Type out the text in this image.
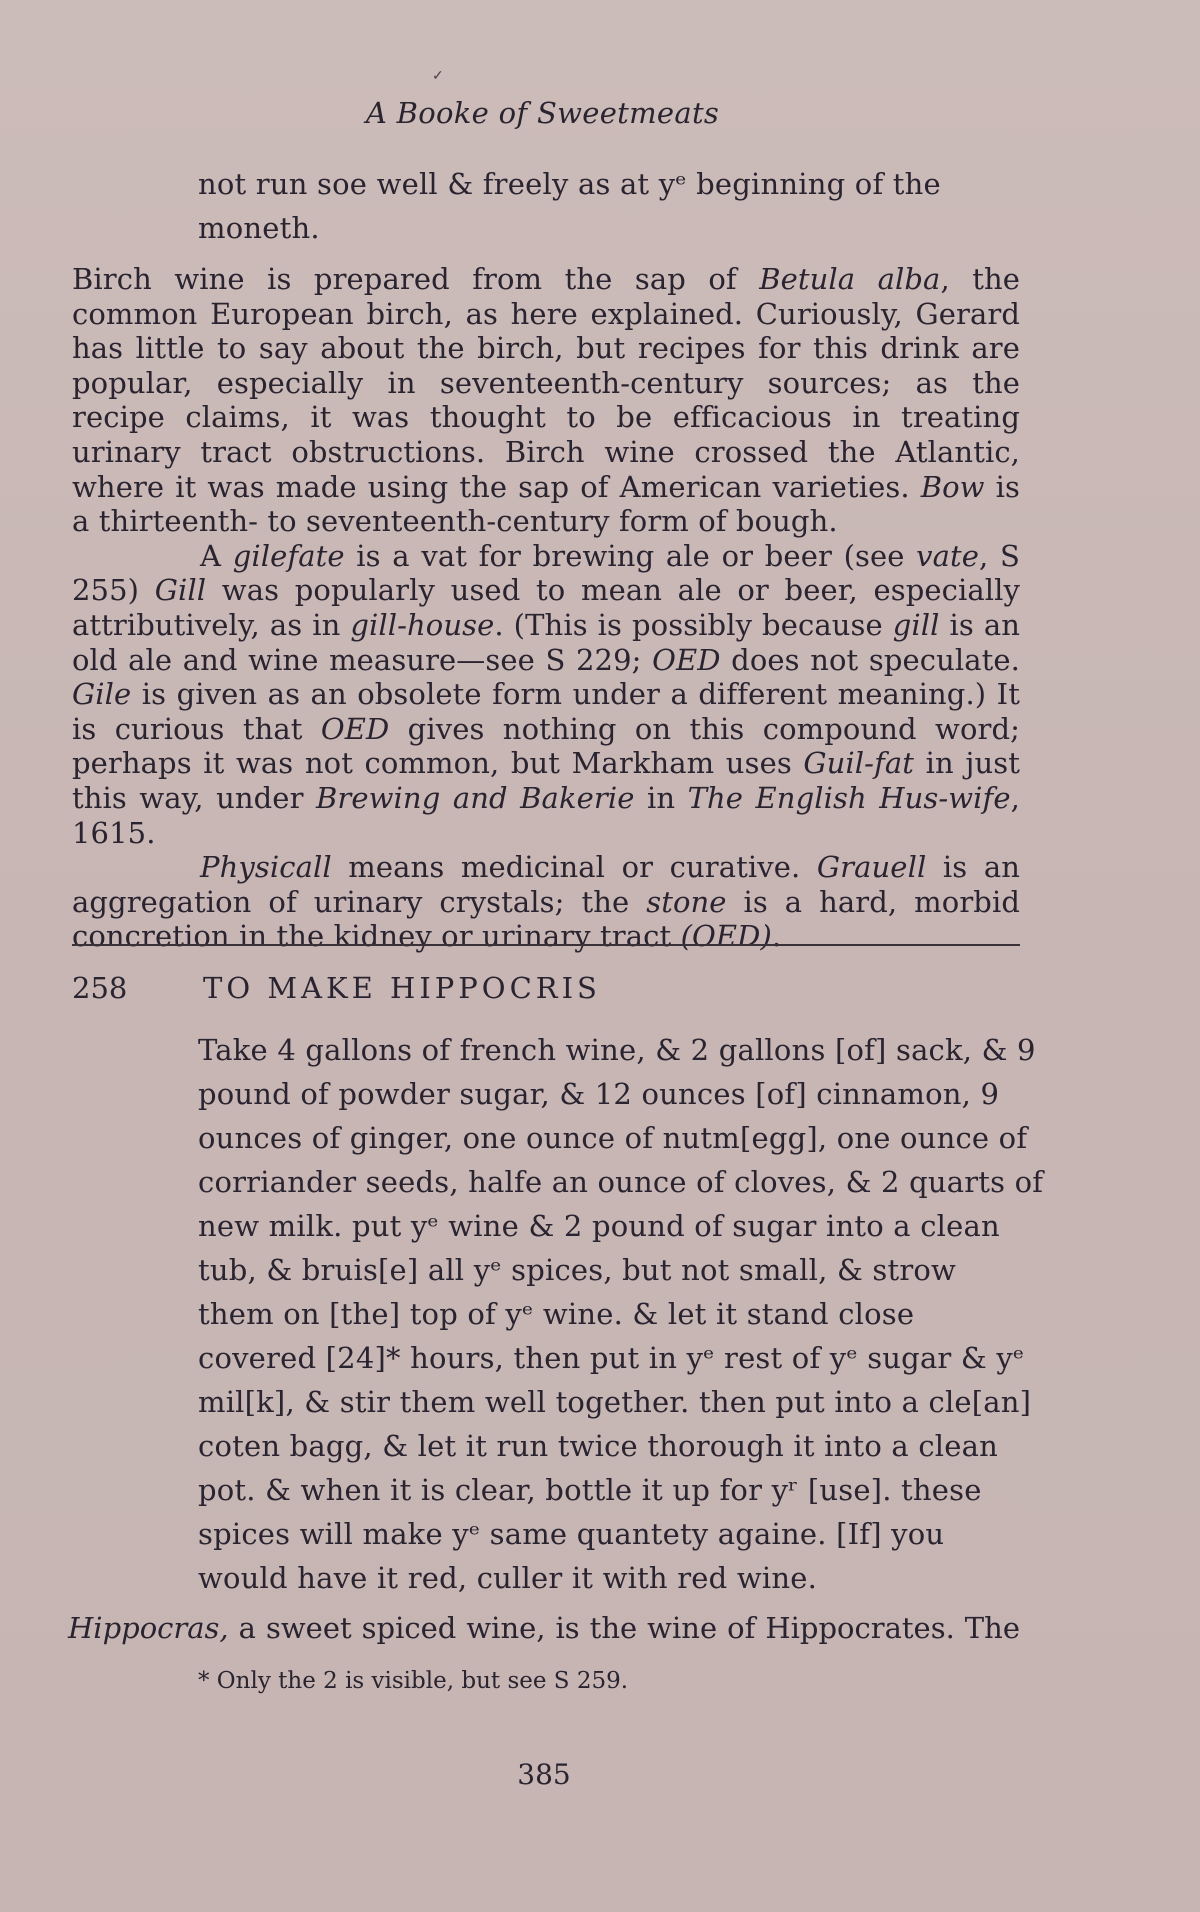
✓
A Booke of Sweetmeats
not run soe well & freely as at yᵉ beginning of the
moneth.

Birch wine is prepared from the sap of Betula alba, the common European birch, as here explained. Curiously, Gerard has little to say about the birch, but recipes for this drink are popular, especially in seventeenth-century sources; as the recipe claims, it was thought to be efficacious in treating urinary tract obstructions. Birch wine crossed the Atlantic, where it was made using the sap of American varieties. Bow is a thirteenth- to seventeenth-century form of bough.

A gilefate is a vat for brewing ale or beer (see vate, S 255) Gill was popularly used to mean ale or beer, especially attributively, as in gill-house. (This is possibly because gill is an old ale and wine measure—see S 229; OED does not speculate. Gile is given as an obsolete form under a different meaning.) It is curious that OED gives nothing on this compound word; perhaps it was not common, but Markham uses Guil-fat in just this way, under Brewing and Bakerie in The English Hus-wife, 1615.

Physicall means medicinal or curative. Grauell is an aggregation of urinary crystals; the stone is a hard, morbid concretion in the kidney or urinary tract (OED).

258	TO MAKE HIPPOCRIS
Take 4 gallons of french wine, & 2 gallons [of] sack, & 9
pound of powder sugar, & 12 ounces [of] cinnamon, 9
ounces of ginger, one ounce of nutm[egg], one ounce of
corriander seeds, halfe an ounce of cloves, & 2 quarts of
new milk. put yᵉ wine & 2 pound of sugar into a clean
tub, & bruis[e] all yᵉ spices, but not small, & strow
them on [the] top of yᵉ wine. & let it stand close
covered [24]* hours, then put in yᵉ rest of yᵉ sugar & yᵉ
mil[k], & stir them well together. then put into a cle[an]
coten bagg, & let it run twice thorough it into a clean
pot. & when it is clear, bottle it up for yʳ [use]. these
spices will make yᵉ same quantety againe. [If] you
would have it red, culler it with red wine.
Hippocras, a sweet spiced wine, is the wine of Hippocrates. The
* Only the 2 is visible, but see S 259.
385
